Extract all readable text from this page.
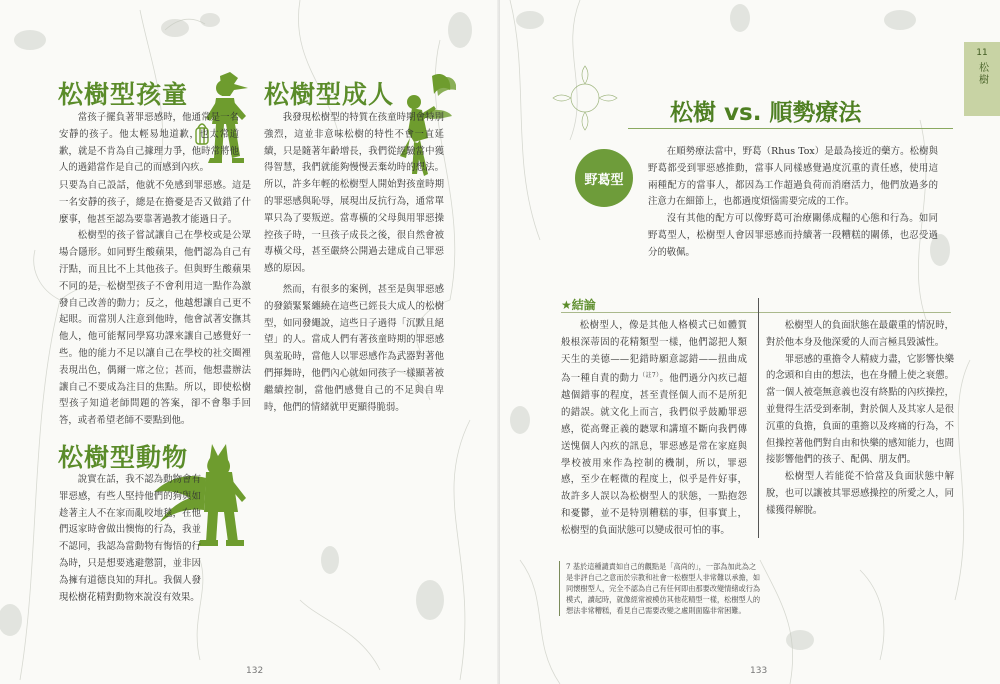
松樹型孩童

當孩子擺負著罪惡感時，他通常是一名安靜的孩子。他太輕易地道歉，也太常道歉，就是不肯為自己據理力爭，他時常將他人的過錯當作是自己的而感到內疚。

只要為自己設話，他就不免感到罪惡感。這是一名安靜的孩子，總是在擔憂是否又做錯了什麼事，他甚至認為要靠著過教才能過日子。

松樹型的孩子嘗試讓自己在學校或是公眾場合隱形。如同野生酸蘋果，他們認為自己有汙點，而且比不上其他孩子。但與野生酸蘋果不同的是，松樹型孩子不會利用這一點作為激發自己改善的動力；反之，他越想讓自己更不起眼。而當別人注意到他時，他會試著安撫其他人，他可能幫同學寫功課來讓自己感覺好一些。他的能力不足以讓自己在學校的社交圈裡表現出色，偶爾一席之位；甚而，他想盡辦法讓自己不要成為注目的焦點。所以，即使松樹型孩子知道老師問題的答案，卻不會舉手回答，或者希望老師不要點到他。

松樹型成人

我發現松樹型的特質在孩童時期會特別強烈，這並非意味松樹的特性不會一直延續，只是隨著年齡增長，我們從經驗當中獲得智慧，我們就能夠慢慢丟棄幼時的想法。所以，許多年輕的松樹型人開始對孩童時期的罪惡感與恥辱，展現出反抗行為，通常單單只為了要叛逆。當專橫的父母與用罪惡操控孩子時，一旦孩子成長之後，很自然會被專橫父母，甚至嚴終公開過去建成自己罪惡感的原因。

然而，有很多的案例，甚至是與罪惡感的發鎖緊緊纏繞在這些已經長大成人的松樹型，如同發繩說，這些日子過得「沉默且絕望」的人。當成人們有著孩童時期的罪惡感與羞恥時，當他人以罪惡感作為武器對著他們揮舞時，他們內心就如同孩子一樣顯著被繼續控制，當他們感覺自己的不足與自卑時，他們的情緒就甲更顯得脆弱。

松樹型動物

說實在話，我不認為動物會有罪惡感，有些人堅持他們的狗與如趁著主人不在家而亂咬地毯，在他們返家時會做出懊悔的行為，我並不認同，我認為當動物有悔悟的行為時，只是想要逃避懲罰，並非因為擁有道德良知的拜扎。我個人發現松樹花精對動物來說沒有效果。

132
11
松樹
松樹 vs. 順勢療法
野葛型

在順勢療法當中，野葛（Rhus Tox）是最為接近的藥方。松樹與野葛都受到罪惡感推動，當事人同樣感覺過度沉重的責任感，使用這兩種配方的當事人，都因為工作超過負荷而消磨活力，他們放過多的注意力在細節上，也都過度煩惱需要完成的工作。

沒有其他的配方可以像野葛可治療關係成糧的心態和行為。如同野葛型人，松樹型人會因罪惡感而持續著一段糟糕的關係，也忍受過分的敬佩。

★結論

松樹型人，像是其他人格模式已如體質般根深蒂固的花精類型一樣，他們認把人類天生的美德——犯錯時願意認錯——扭曲成為一種自責的動力$^{(註7)}$。他們過分內疚已超越個錯事的程度，甚至責怪個人而不是所犯的錯誤。就文化上而言，我們似乎鼓勵罪惡感，從高聲正義的聽眾和講壇不斷向我們傳送愧個人內疚的訊息，罪惡感是常在家庭與學校被用來作為控制的機制，所以，罪惡感，至少在輕微的程度上，似乎是件好事，故許多人誤以為松樹型人的狀態，一點抱怨和憂鬱，並不是特別糟糕的事，但事實上，松樹型的負面狀態可以變成很可怕的事。

松樹型人的負面狀態在最嚴重的情況時，對於他本身及他深愛的人而言極具毀滅性。

罪惡感的重擔令人精疲力盡，它影響快樂的念頭和自由的想法，也在身體上使之衰憊。當一個人被毫無意義也沒有終點的內疚操控，並覺得生活受到牽制，對於個人及其家人是很沉重的負擔，負面的重擔以及疼痛的行為，不但操控著他們對自由和快樂的感知能力，也間接影響他們的孩子、配偶、朋友們。

松樹型人若能從不恰當及負面狀態中解脫，也可以讓被其罪惡感操控的所愛之人，同樣獲得解脫。

7 基於這種譴責如自己的觀點是「高尚的」，一部為加此為之是非評自己之意而於宗教和社會一松樹型人非常難以承擔，如同懷樹型人，完全不認為自己有任何即由那要改變情緒或行為模式，讀起時，就像經常被模仿其他花精型一樣，松樹型人的想法非常糟糕，看見自己需要改變之處則面臨非常困難。
133
